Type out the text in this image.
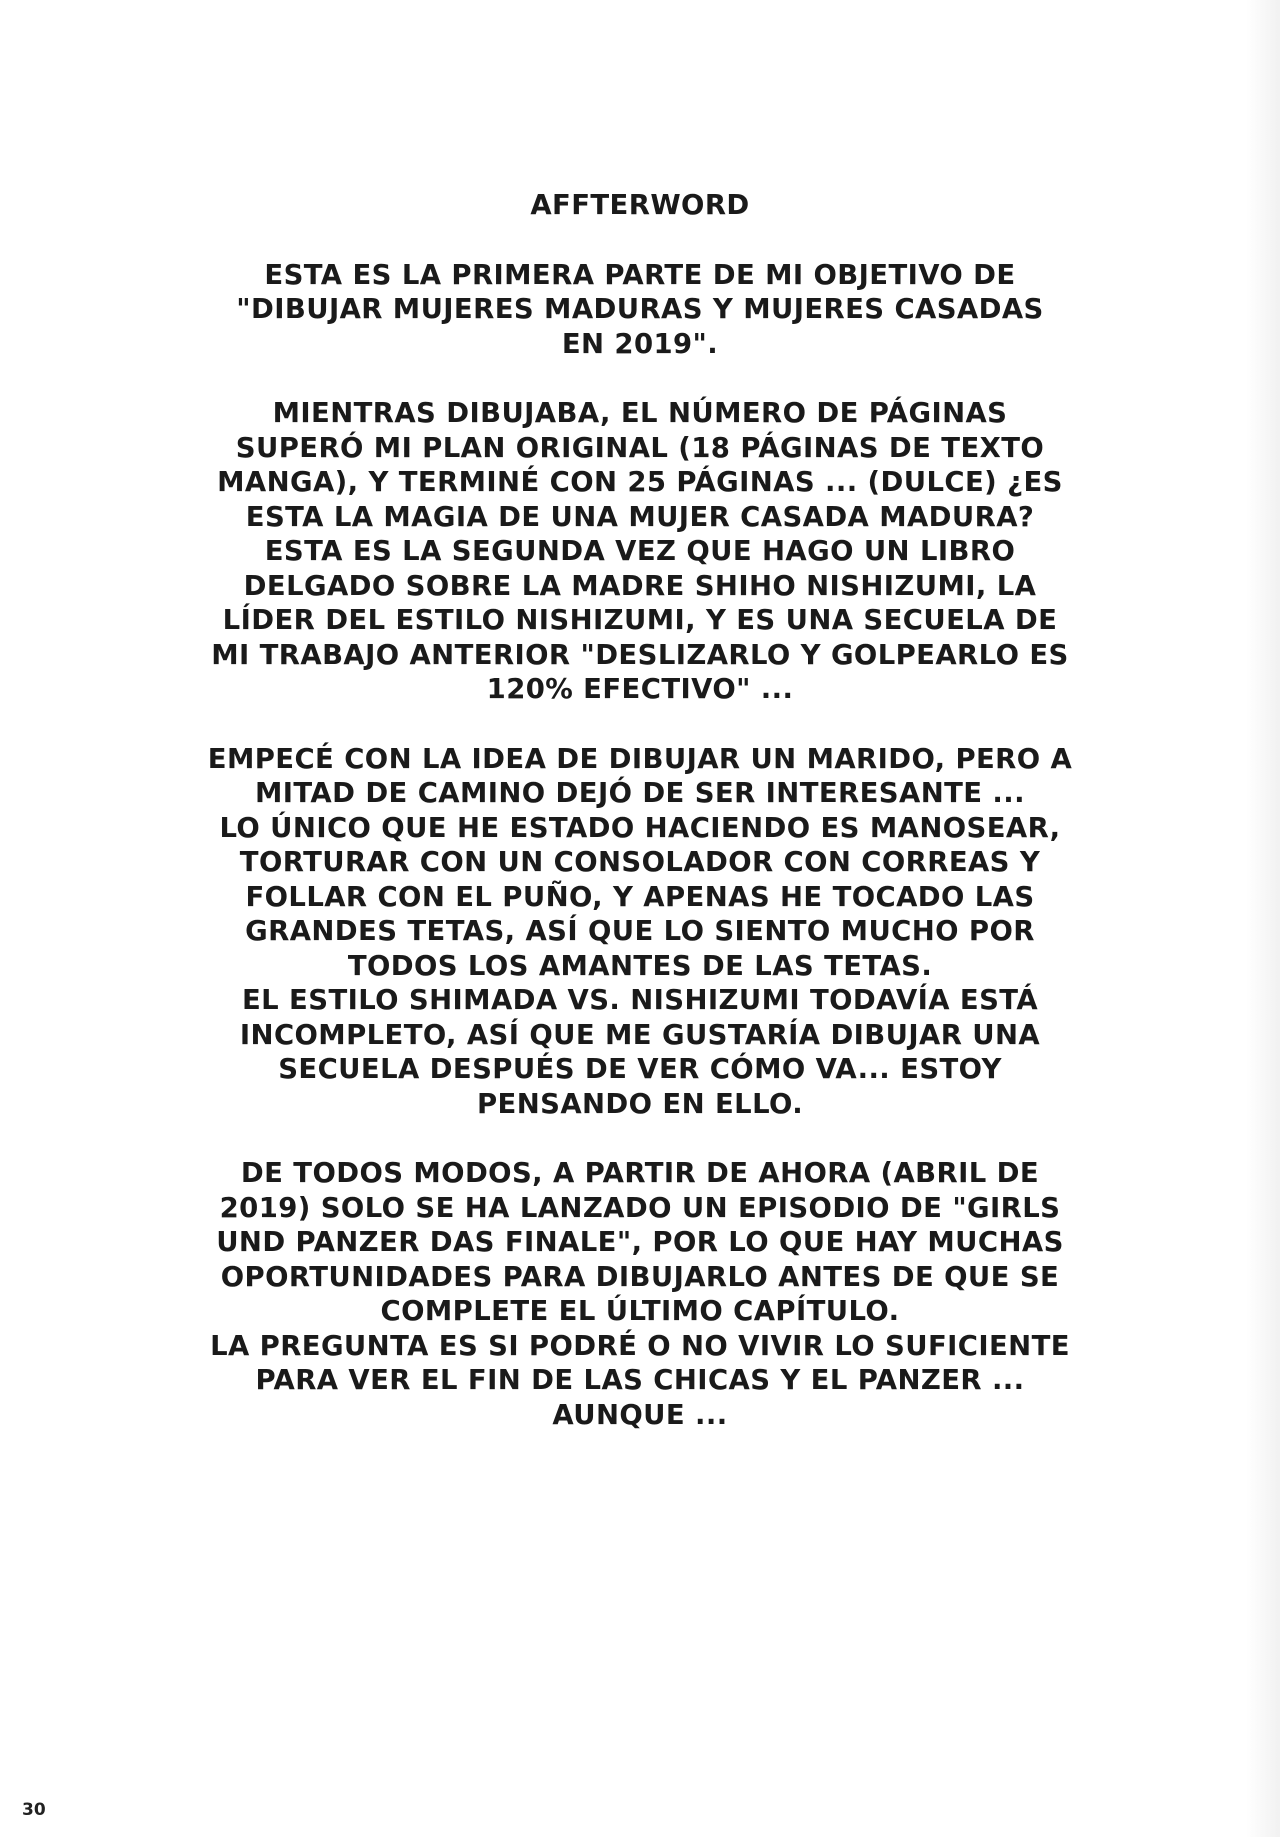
AFFTERWORD
ESTA ES LA PRIMERA PARTE DE MI OBJETIVO DE
"DIBUJAR MUJERES MADURAS Y MUJERES CASADAS
EN 2019".
MIENTRAS DIBUJABA, EL NÚMERO DE PÁGINAS
SUPERÓ MI PLAN ORIGINAL (18 PÁGINAS DE TEXTO
MANGA), Y TERMINÉ CON 25 PÁGINAS ... (DULCE) ¿ES
ESTA LA MAGIA DE UNA MUJER CASADA MADURA?
ESTA ES LA SEGUNDA VEZ QUE HAGO UN LIBRO
DELGADO SOBRE LA MADRE SHIHO NISHIZUMI, LA
LÍDER DEL ESTILO NISHIZUMI, Y ES UNA SECUELA DE
MI TRABAJO ANTERIOR "DESLIZARLO Y GOLPEARLO ES
120% EFECTIVO" ...
EMPECÉ CON LA IDEA DE DIBUJAR UN MARIDO, PERO A
MITAD DE CAMINO DEJÓ DE SER INTERESANTE ...
LO ÚNICO QUE HE ESTADO HACIENDO ES MANOSEAR,
TORTURAR CON UN CONSOLADOR CON CORREAS Y
FOLLAR CON EL PUÑO, Y APENAS HE TOCADO LAS
GRANDES TETAS, ASÍ QUE LO SIENTO MUCHO POR
TODOS LOS AMANTES DE LAS TETAS.
EL ESTILO SHIMADA VS. NISHIZUMI TODAVÍA ESTÁ
INCOMPLETO, ASÍ QUE ME GUSTARÍA DIBUJAR UNA
SECUELA DESPUÉS DE VER CÓMO VA... ESTOY
PENSANDO EN ELLO.
DE TODOS MODOS, A PARTIR DE AHORA (ABRIL DE
2019) SOLO SE HA LANZADO UN EPISODIO DE "GIRLS
UND PANZER DAS FINALE", POR LO QUE HAY MUCHAS
OPORTUNIDADES PARA DIBUJARLO ANTES DE QUE SE
COMPLETE EL ÚLTIMO CAPÍTULO.
LA PREGUNTA ES SI PODRÉ O NO VIVIR LO SUFICIENTE
PARA VER EL FIN DE LAS CHICAS Y EL PANZER ...
AUNQUE ...
30
